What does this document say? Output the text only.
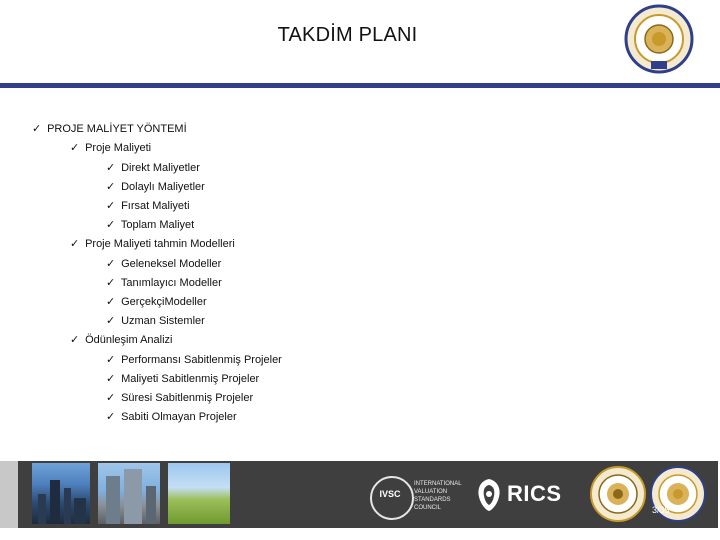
TAKDİM PLANI
✓ PROJE MALİYET YÖNTEMİ
✓ Proje Maliyeti
✓ Direkt Maliyetler
✓ Dolaylı Maliyetler
✓ Fırsat Maliyeti
✓ Toplam Maliyet
✓ Proje Maliyeti tahmin Modelleri
✓ Geleneksel Modeller
✓ Tanımlayıcı Modeller
✓ GerçekçiModeller
✓ Uzman Sistemler
✓ Ödünleşim Analizi
✓ Performansı Sabitlenmiş Projeler
✓ Maliyeti Sabitlenmiş Projeler
✓ Süresi Sabitlenmiş Projeler
✓ Sabiti Olmayan Projeler
IVSC
INTERNATIONAL
VALUATION
STANDARDS
COUNCIL
RICS
3/35
